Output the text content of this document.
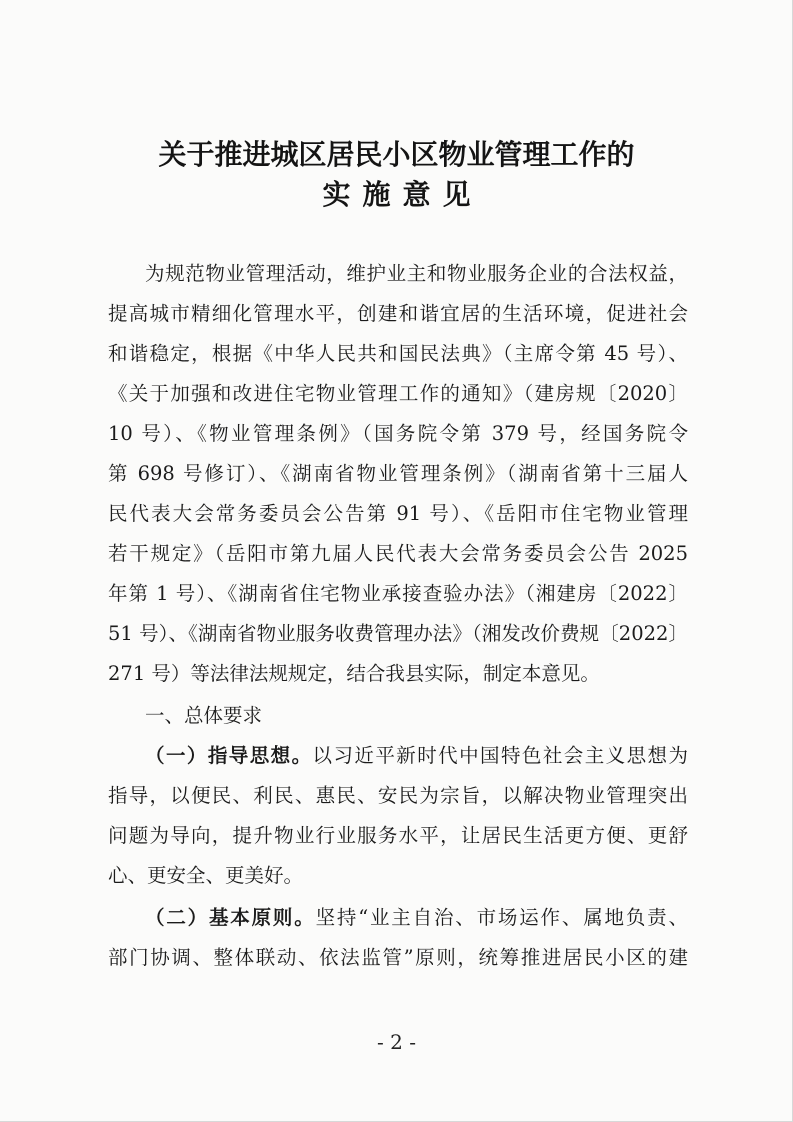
关于推进城区居民小区物业管理工作的
实施意见
为规范物业管理活动，维护业主和物业服务企业的合法权益，
提高城市精细化管理水平，创建和谐宜居的生活环境，促进社会
和谐稳定，根据《中华人民共和国民法典》（主席令第 45 号）、
《关于加强和改进住宅物业管理工作的通知》（建房规〔2020〕
10 号）、《物业管理条例》（国务院令第 379 号，经国务院令
第 698 号修订）、《湖南省物业管理条例》（湖南省第十三届人
民代表大会常务委员会公告第 91 号）、《岳阳市住宅物业管理
若干规定》（岳阳市第九届人民代表大会常务委员会公告 2025
年第 1 号）、《湖南省住宅物业承接查验办法》（湘建房〔2022〕
51 号）、《湖南省物业服务收费管理办法》（湘发改价费规〔2022〕
271 号）等法律法规规定，结合我县实际，制定本意见。
一、总体要求
（一）指导思想。以习近平新时代中国特色社会主义思想为
指导，以便民、利民、惠民、安民为宗旨，以解决物业管理突出
问题为导向，提升物业行业服务水平，让居民生活更方便、更舒
心、更安全、更美好。
（二）基本原则。坚持“业主自治、市场运作、属地负责、
部门协调、整体联动、依法监管”原则，统筹推进居民小区的建
- 2 -
